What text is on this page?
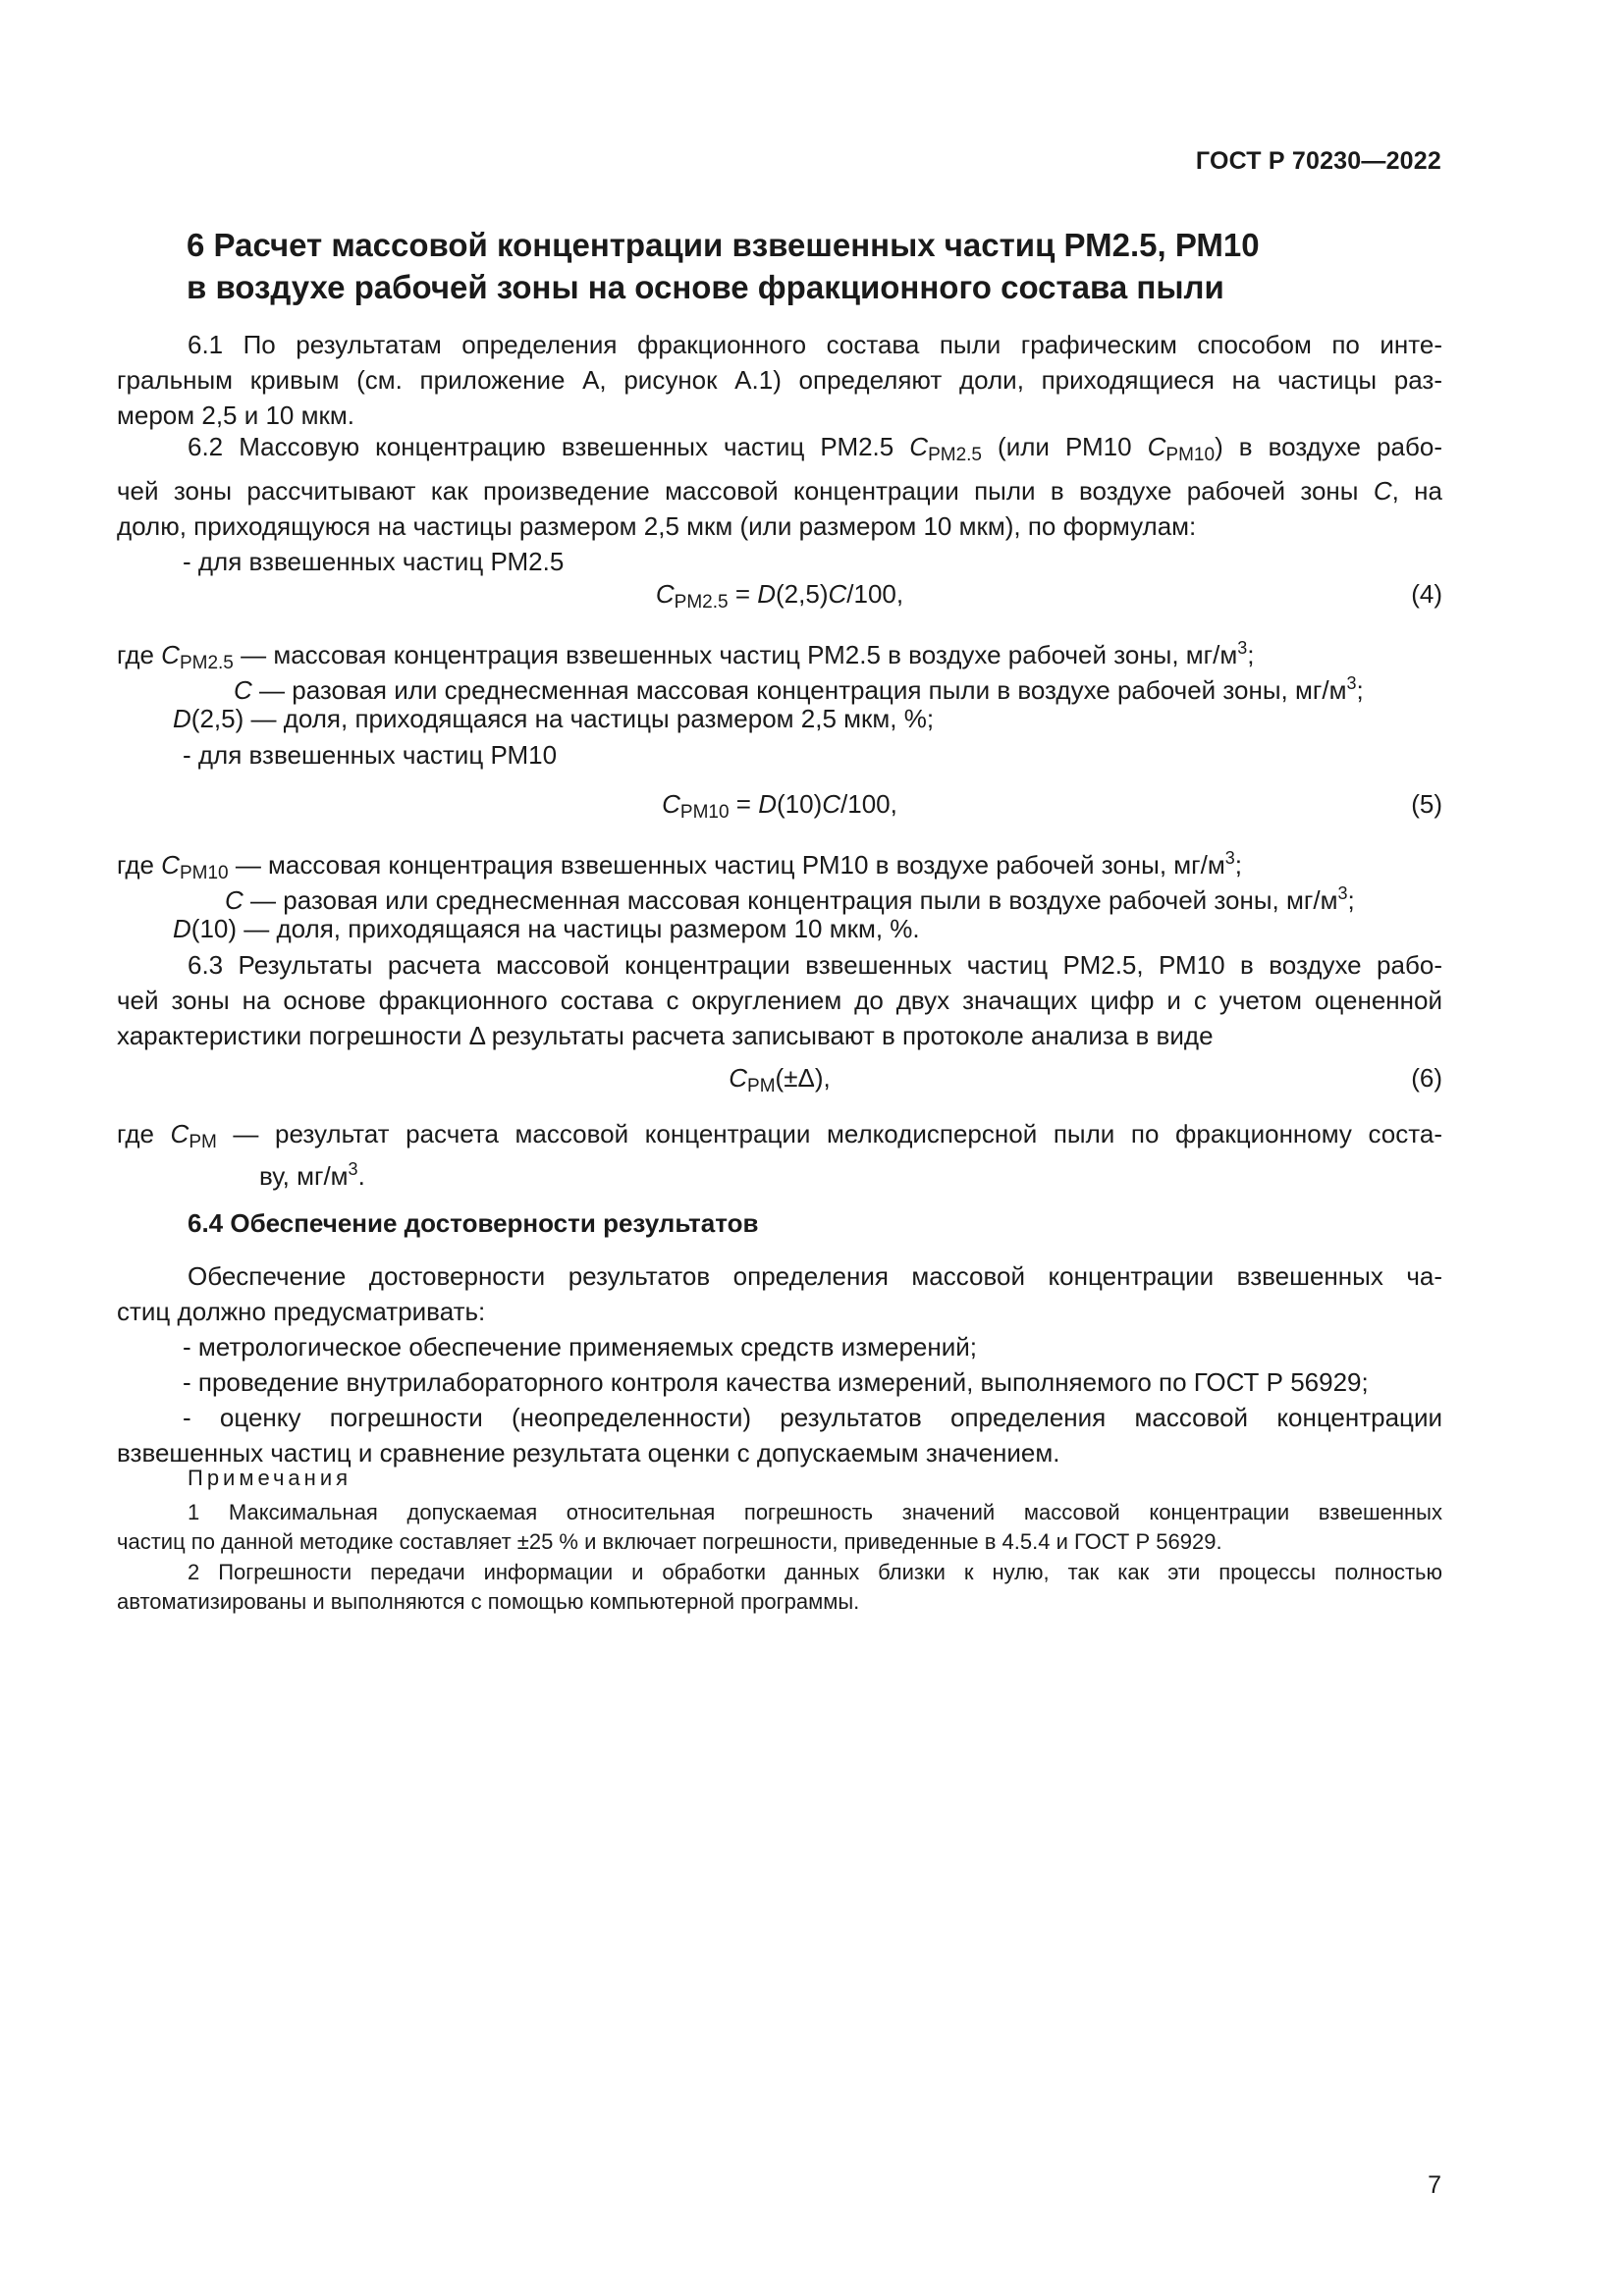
ГОСТ Р 70230—2022
6 Расчет массовой концентрации взвешенных частиц РМ2.5, РМ10
в воздухе рабочей зоны на основе фракционного состава пыли
6.1 По результатам определения фракционного состава пыли графическим способом по инте-
гральным кривым (см. приложение А, рисунок А.1) определяют доли, приходящиеся на частицы раз-
мером 2,5 и 10 мкм.
6.2 Массовую концентрацию взвешенных частиц РМ2.5 $C_{PM2.5}$ (или РМ10 $C_{PM10}$) в воздухе рабо-
чей зоны рассчитывают как произведение массовой концентрации пыли в воздухе рабочей зоны C, на
долю, приходящуюся на частицы размером 2,5 мкм (или размером 10 мкм), по формулам:
- для взвешенных частиц РМ2.5
$C_{PM2.5} = D(2,5)C/100$,	(4)
где $C_{PM2.5}$ — массовая концентрация взвешенных частиц РМ2.5 в воздухе рабочей зоны, $мг/м^3$;
C — разовая или среднесменная массовая концентрация пыли в воздухе рабочей зоны, $мг/м^3$;
D(2,5) — доля, приходящаяся на частицы размером 2,5 мкм, %;
- для взвешенных частиц РМ10
$C_{PM10} = D(10)C/100$,	(5)
где $C_{PM10}$ — массовая концентрация взвешенных частиц РМ10 в воздухе рабочей зоны, $мг/м^3$;
C — разовая или среднесменная массовая концентрация пыли в воздухе рабочей зоны, $мг/м^3$;
D(10) — доля, приходящаяся на частицы размером 10 мкм, %.
6.3 Результаты расчета массовой концентрации взвешенных частиц РМ2.5, РМ10 в воздухе рабо-
чей зоны на основе фракционного состава с округлением до двух значащих цифр и с учетом оцененной
характеристики погрешности Δ результаты расчета записывают в протоколе анализа в виде
$C_{PM}(\pm\Delta)$,	(6)
где $C_{PM}$ — результат расчета массовой концентрации мелкодисперсной пыли по фракционному соста-
ву, $мг/м^3$.
6.4 Обеспечение достоверности результатов
Обеспечение достоверности результатов определения массовой концентрации взвешенных ча-
стиц должно предусматривать:
- метрологическое обеспечение применяемых средств измерений;
- проведение внутрилабораторного контроля качества измерений, выполняемого по ГОСТ Р 56929;
- оценку погрешности (неопределенности) результатов определения массовой концентрации
взвешенных частиц и сравнение результата оценки с допускаемым значением.
Примечания
1 Максимальная допускаемая относительная погрешность значений массовой концентрации взвешенных
частиц по данной методике составляет ±25 % и включает погрешности, приведенные в 4.5.4 и ГОСТ Р 56929.
2 Погрешности передачи информации и обработки данных близки к нулю, так как эти процессы полностью
автоматизированы и выполняются с помощью компьютерной программы.
7
